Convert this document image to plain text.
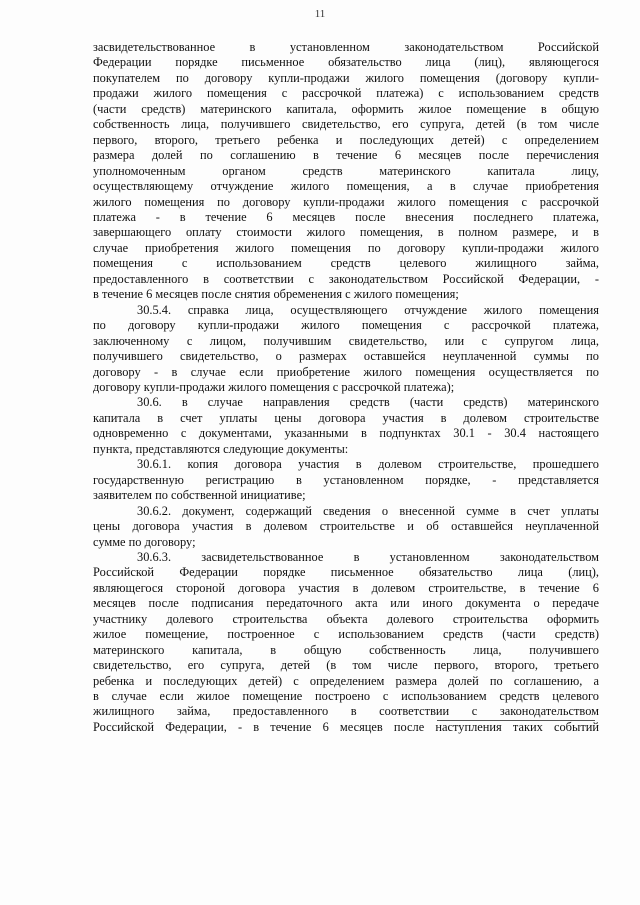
11
засвидетельствованное в установленном законодательством Российской
Федерации порядке письменное обязательство лица (лиц), являющегося
покупателем по договору купли-продажи жилого помещения (договору купли-
продажи жилого помещения с рассрочкой платежа) с использованием средств
(части средств) материнского капитала, оформить жилое помещение в общую
собственность лица, получившего свидетельство, его супруга, детей (в том числе
первого, второго, третьего ребенка и последующих детей) с определением
размера долей по соглашению в течение 6 месяцев после перечисления
уполномоченным органом средств материнского капитала лицу,
осуществляющему отчуждение жилого помещения, а в случае приобретения
жилого помещения по договору купли-продажи жилого помещения с рассрочкой
платежа - в течение 6 месяцев после внесения последнего платежа,
завершающего оплату стоимости жилого помещения, в полном размере, и в
случае приобретения жилого помещения по договору купли-продажи жилого
помещения с использованием средств целевого жилищного займа,
предоставленного в соответствии с законодательством Российской Федерации, -
в течение 6 месяцев после снятия обременения с жилого помещения;
30.5.4. справка лица, осуществляющего отчуждение жилого помещения
по договору купли-продажи жилого помещения с рассрочкой платежа,
заключенному с лицом, получившим свидетельство, или с супругом лица,
получившего свидетельство, о размерах оставшейся неуплаченной суммы по
договору - в случае если приобретение жилого помещения осуществляется по
договору купли-продажи жилого помещения с рассрочкой платежа);
30.6. в случае направления средств (части средств) материнского
капитала в счет уплаты цены договора участия в долевом строительстве
одновременно с документами, указанными в подпунктах 30.1 - 30.4 настоящего
пункта, представляются следующие документы:
30.6.1. копия договора участия в долевом строительстве, прошедшего
государственную регистрацию в установленном порядке, - представляется
заявителем по собственной инициативе;
30.6.2. документ, содержащий сведения о внесенной сумме в счет уплаты
цены договора участия в долевом строительстве и об оставшейся неуплаченной
сумме по договору;
30.6.3. засвидетельствованное в установленном законодательством
Российской Федерации порядке письменное обязательство лица (лиц),
являющегося стороной договора участия в долевом строительстве, в течение 6
месяцев после подписания передаточного акта или иного документа о передаче
участнику долевого строительства объекта долевого строительства оформить
жилое помещение, построенное с использованием средств (части средств)
материнского капитала, в общую собственность лица, получившего
свидетельство, его супруга, детей (в том числе первого, второго, третьего
ребенка и последующих детей) с определением размера долей по соглашению, а
в случае если жилое помещение построено с использованием средств целевого
жилищного займа, предоставленного в соответствии с законодательством
Российской Федерации, - в течение 6 месяцев после наступления таких событий
